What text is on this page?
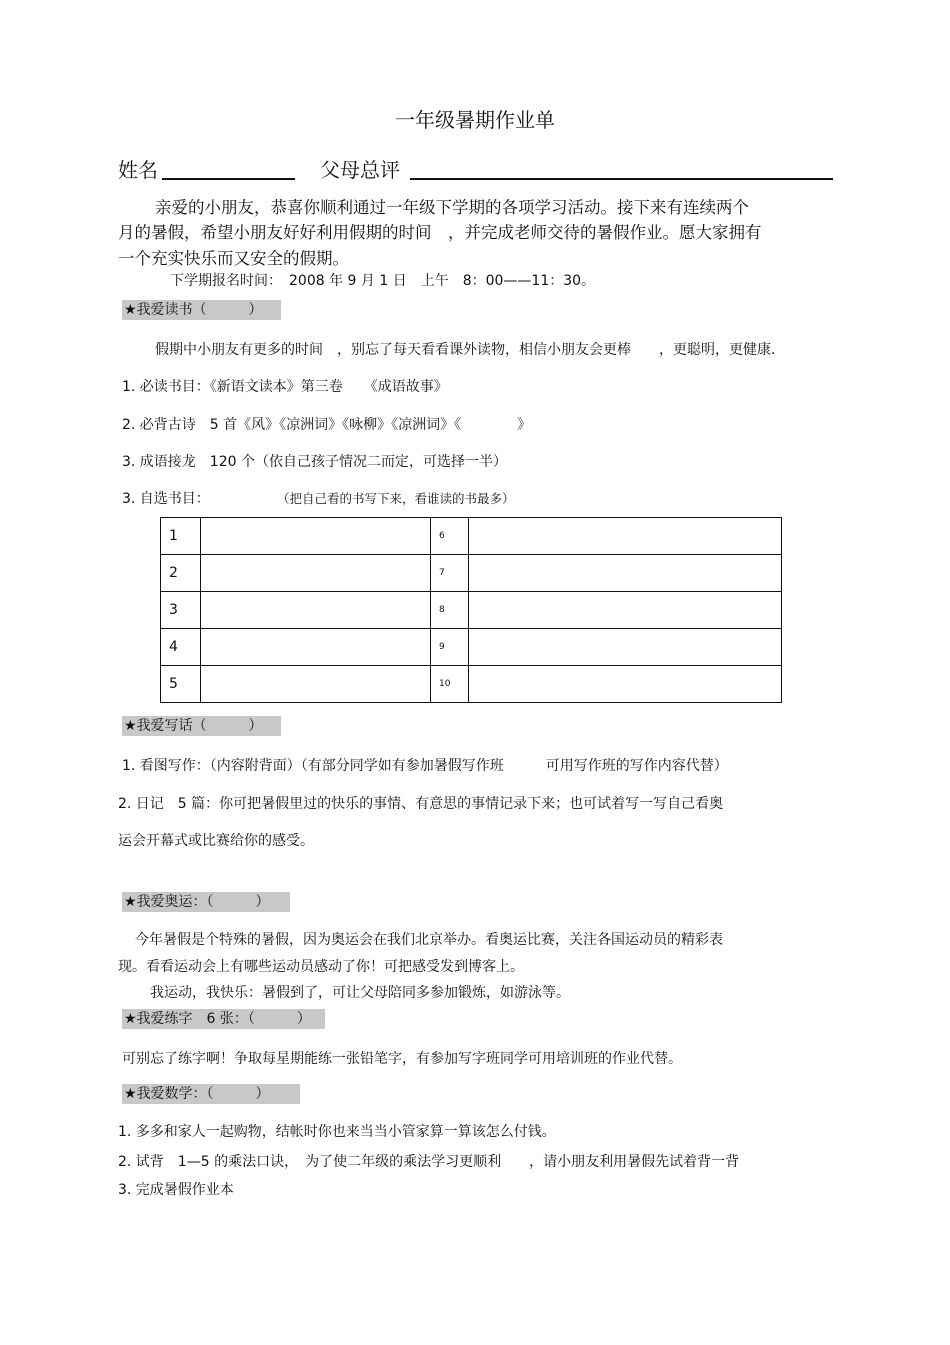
一年级暑期作业单
姓名	父母总评
亲爱的小朋友，恭喜你顺利通过一年级下学期的各项学习活动。接下来有连续两个
月的暑假，希望小朋友好好利用假期的时间　，并完成老师交待的暑假作业。愿大家拥有
一个充实快乐而又安全的假期。
下学期报名时间：　2008 年 9 月 1 日　上午　8：00——11：30。
★我爱读书（　　　）
假期中小朋友有更多的时间　，别忘了每天看看课外读物，相信小朋友会更棒　　，更聪明，更健康．
1. 必读书目：《新语文读本》第三卷　　《成语故事》
2. 必背古诗　5 首《风》《凉洲词》《咏柳》《凉洲词》《　　　　》
3. 成语接龙　120 个（依自己孩子情况二而定，可选择一半）
3. 自选书目：	（把自己看的书写下来，看谁读的书最多）
1		6	
2		7	
3		8	
4		9	
5		10	
★我爱写话（　　　）
1. 看图写作：（内容附背面）（有部分同学如有参加暑假写作班　　　可用写作班的写作内容代替）
2. 日记　5 篇：你可把暑假里过的快乐的事情、有意思的事情记录下来；也可试着写一写自己看奥
运会开幕式或比赛给你的感受。
★我爱奥运：（　　　）
今年暑假是个特殊的暑假，因为奥运会在我们北京举办。看奥运比赛，关注各国运动员的精彩表
现。看看运动会上有哪些运动员感动了你！可把感受发到博客上。
我运动，我快乐：暑假到了，可让父母陪同多参加锻炼，如游泳等。
★我爱练字　6 张：（　　　）
可别忘了练字啊！争取每星期能练一张铅笔字，有参加写字班同学可用培训班的作业代替。
★我爱数学：（　　　）
1. 多多和家人一起购物，结帐时你也来当当小管家算一算该怎么付钱。
2. 试背　1—5 的乘法口诀，　为了使二年级的乘法学习更顺利　　，请小朋友利用暑假先试着背一背
3. 完成暑假作业本
